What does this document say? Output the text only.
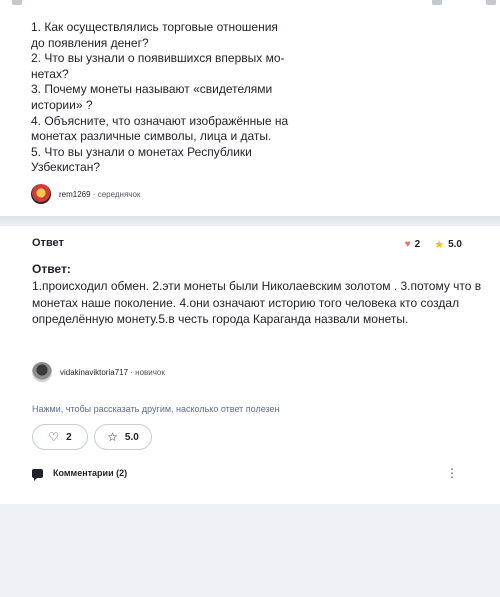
1. Как осуществлялись торговые отношения
до появления денег?
2. Что вы узнали о появившихся впервых мо-
нетах?
3. Почему монеты называют «свидетелями
истории» ?
4. Объясните, что означают изображённые на
монетах различные символы, лица и даты.
5. Что вы узнали о монетах Республики
Узбекистан?
rem1269 · середнячок
Ответ	♥ 2 ★ 5.0
Ответ:
1.происходил обмен. 2.эти монеты были Николаевским золотом . 3.потому что в
монетах наше поколение. 4.они означают историю того человека кто создал
определённую монету.5.в честь города Караганда назвали монеты.
vidakinaviktoria717 · новичок
Нажми, чтобы рассказать другим, насколько ответ полезен
♡ 2	☆ 5.0
Комментарии (2)	⋮
